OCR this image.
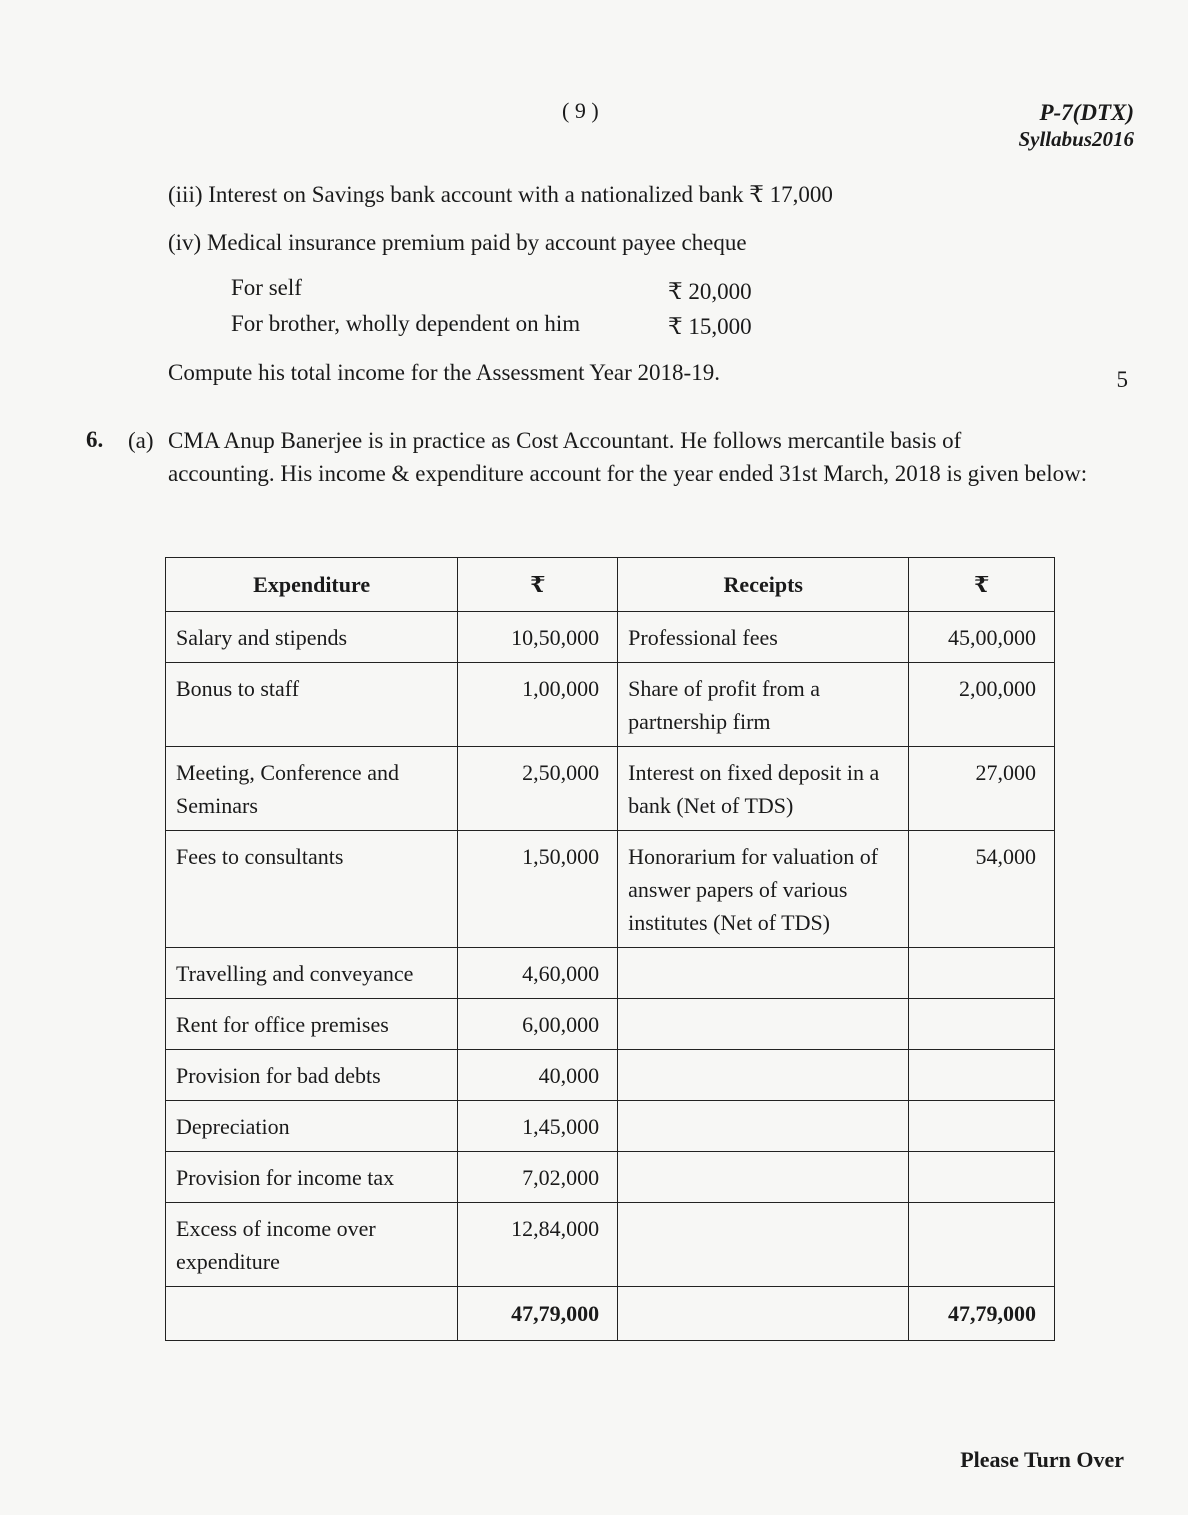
( 9 )	P-7(DTX)
Syllabus2016
(iii) Interest on Savings bank account with a nationalized bank ₹ 17,000
(iv) Medical insurance premium paid by account payee cheque
For self	₹ 20,000
For brother, wholly dependent on him	₹ 15,000
Compute his total income for the Assessment Year 2018-19.	5
6. (a) CMA Anup Banerjee is in practice as Cost Accountant. He follows mercantile basis of
accounting. His income & expenditure account for the year ended 31st March, 2018 is given below:
Expenditure	₹	Receipts	₹
Salary and stipends	10,50,000	Professional fees	45,00,000
Bonus to staff	1,00,000	Share of profit from a partnership firm	2,00,000
Meeting, Conference and Seminars	2,50,000	Interest on fixed deposit in a bank (Net of TDS)	27,000
Fees to consultants	1,50,000	Honorarium for valuation of answer papers of various institutes (Net of TDS)	54,000
Travelling and conveyance	4,60,000		
Rent for office premises	6,00,000		
Provision for bad debts	40,000		
Depreciation	1,45,000		
Provision for income tax	7,02,000		
Excess of income over expenditure	12,84,000		
	47,79,000		47,79,000
Please Turn Over
